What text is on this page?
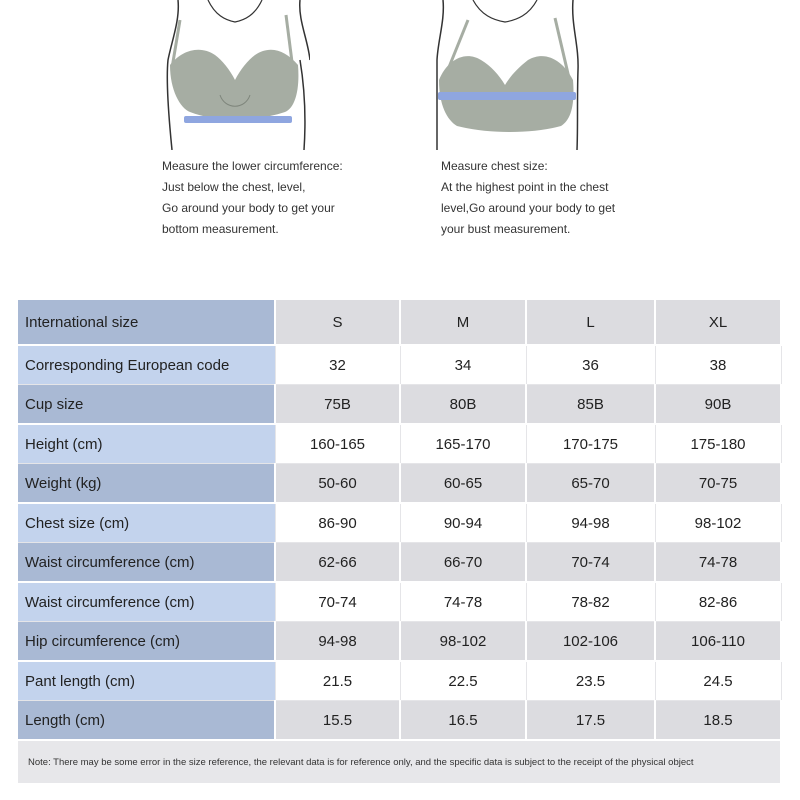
Measure the lower circumference:
Just below the chest, level,
Go around your body to get your
bottom measurement.
Measure chest size:
At the highest point in the chest
level,Go around your body to get
your bust measurement.
International size	S	M	L	XL
Corresponding European code	32	34	36	38
Cup size	75B	80B	85B	90B
Height (cm)	160-165	165-170	170-175	175-180
Weight (kg)	50-60	60-65	65-70	70-75
Chest size (cm)	86-90	90-94	94-98	98-102
Waist circumference (cm)	62-66	66-70	70-74	74-78
Waist circumference (cm)	70-74	74-78	78-82	82-86
Hip circumference (cm)	94-98	98-102	102-106	106-110
Pant length (cm)	21.5	22.5	23.5	24.5
Length (cm)	15.5	16.5	17.5	18.5
Note: There may be some error in the size reference, the relevant data is for reference only, and the specific data is subject to the receipt of the physical object				
